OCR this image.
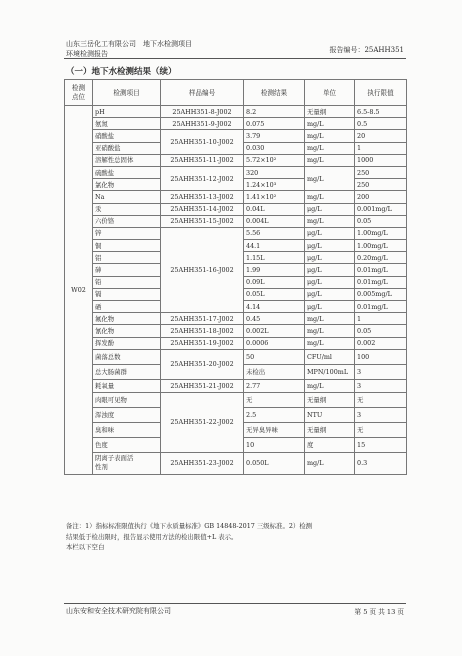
山东三岳化工有限公司　地下水检测项目
环境检测报告	报告编号：25AHH351
（一）地下水检测结果（续）
检测
点位	检测项目	样品编号	检测结果	单位	执行限值
W02	pH	25AHH351-8-J002	8.2	无量纲	6.5-8.5
	氨氮	25AHH351-9-J002	0.075	mg/L	0.5
	硝酸盐	25AHH351-10-J002	3.79	mg/L	20
	亚硝酸盐		0.030	mg/L	1
	溶解性总固体	25AHH351-11-J002	5.72×10²	mg/L	1000
	硫酸盐	25AHH351-12-J002	320	mg/L	250
	氯化物		1.24×10³		250
	Na	25AHH351-13-J002	1.41×10²	mg/L	200
	汞	25AHH351-14-J002	0.04L	μg/L	0.001mg/L
	六价铬	25AHH351-15-J002	0.004L	mg/L	0.05
	锌	25AHH351-16-J002	5.56	μg/L	1.00mg/L
	铜		44.1	μg/L	1.00mg/L
	铝		1.15L	μg/L	0.20mg/L
	砷		1.99	μg/L	0.01mg/L
	铅		0.09L	μg/L	0.01mg/L
	镉		0.05L	μg/L	0.005mg/L
	硒		4.14	μg/L	0.01mg/L
	氟化物	25AHH351-17-J002	0.45	mg/L	1
	氰化物	25AHH351-18-J002	0.002L	mg/L	0.05
	挥发酚	25AHH351-19-J002	0.0006	mg/L	0.002
	菌落总数	25AHH351-20-J002	50	CFU/ml	100
	总大肠菌群		未检出	MPN/100mL	3
	耗氧量	25AHH351-21-J002	2.77	mg/L	3
	肉眼可见物	25AHH351-22-J002	无	无量纲	无
	浑浊度		2.5	NTU	3
	臭和味		无异臭异味	无量纲	无
	色度		10	度	15
	阴离子表面活
性剂	25AHH351-23-J002	0.050L	mg/L	0.3
备注：1）指标标准限值执行《地下水质量标准》GB 14848-2017 三级标准。2）检测
结果低于检出限时，报告显示使用方法的检出限值+L 表示。
本栏以下空白
山东安和安全技术研究院有限公司	第 5 页 共 13 页
